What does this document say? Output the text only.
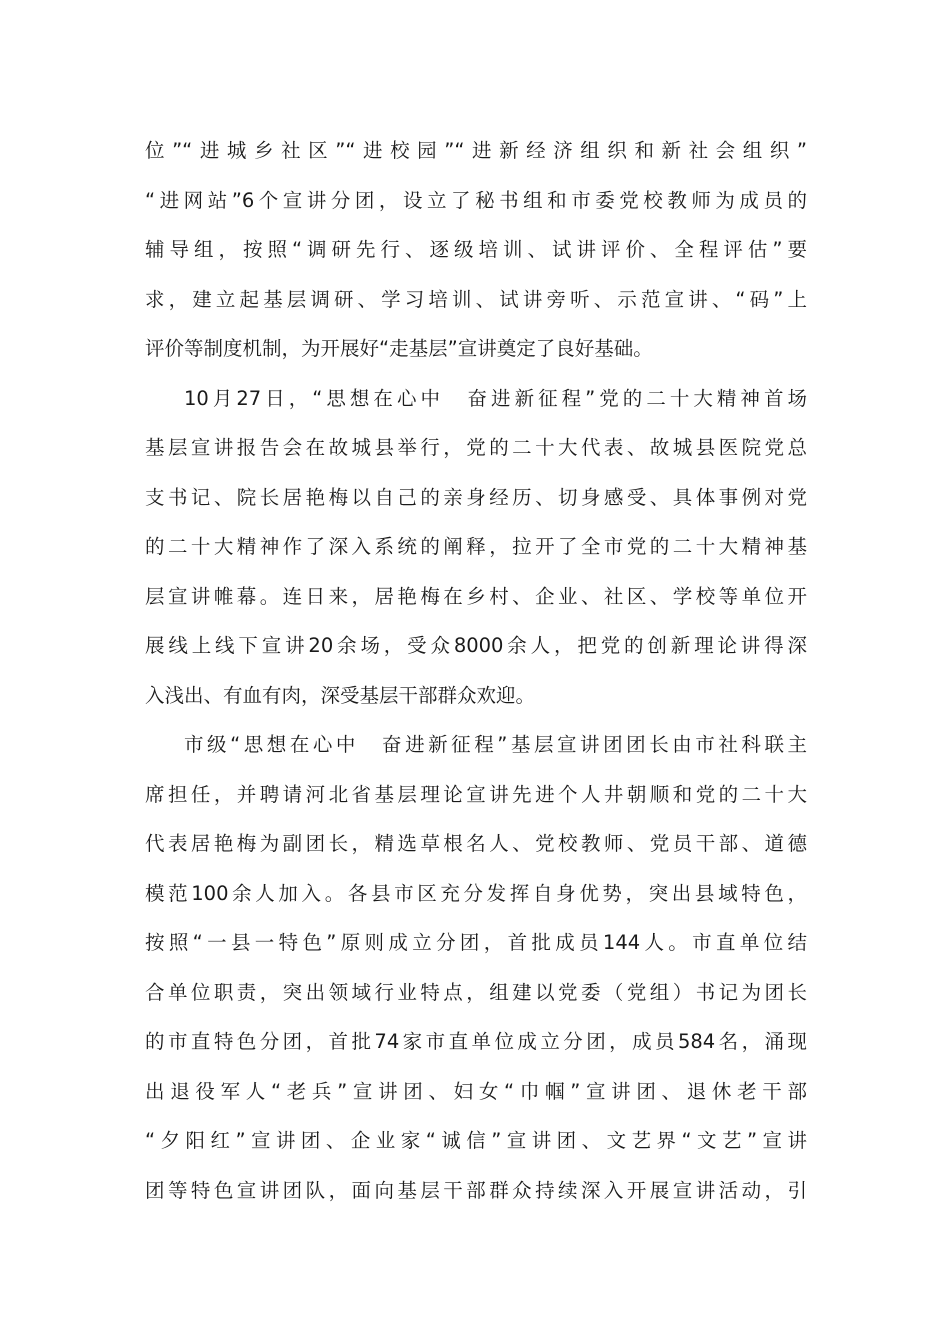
位”“进城乡社区”“进校园”“进新经济组织和新社会组织”
“进网站”6个宣讲分团，设立了秘书组和市委党校教师为成员的
辅导组，按照“调研先行、逐级培训、试讲评价、全程评估”要
求，建立起基层调研、学习培训、试讲旁听、示范宣讲、“码”上
评价等制度机制，为开展好“走基层”宣讲奠定了良好基础。
10月27日，“思想在心中　奋进新征程”党的二十大精神首场
基层宣讲报告会在故城县举行，党的二十大代表、故城县医院党总
支书记、院长居艳梅以自己的亲身经历、切身感受、具体事例对党
的二十大精神作了深入系统的阐释，拉开了全市党的二十大精神基
层宣讲帷幕。连日来，居艳梅在乡村、企业、社区、学校等单位开
展线上线下宣讲20余场，受众8000余人，把党的创新理论讲得深
入浅出、有血有肉，深受基层干部群众欢迎。
市级“思想在心中　奋进新征程”基层宣讲团团长由市社科联主
席担任，并聘请河北省基层理论宣讲先进个人井朝顺和党的二十大
代表居艳梅为副团长，精选草根名人、党校教师、党员干部、道德
模范100余人加入。各县市区充分发挥自身优势，突出县域特色，
按照“一县一特色”原则成立分团，首批成员144人。市直单位结
合单位职责，突出领域行业特点，组建以党委（党组）书记为团长
的市直特色分团，首批74家市直单位成立分团，成员584名，涌现
出退役军人“老兵”宣讲团、妇女“巾帼”宣讲团、退休老干部
“夕阳红”宣讲团、企业家“诚信”宣讲团、文艺界“文艺”宣讲
团等特色宣讲团队，面向基层干部群众持续深入开展宣讲活动，引
